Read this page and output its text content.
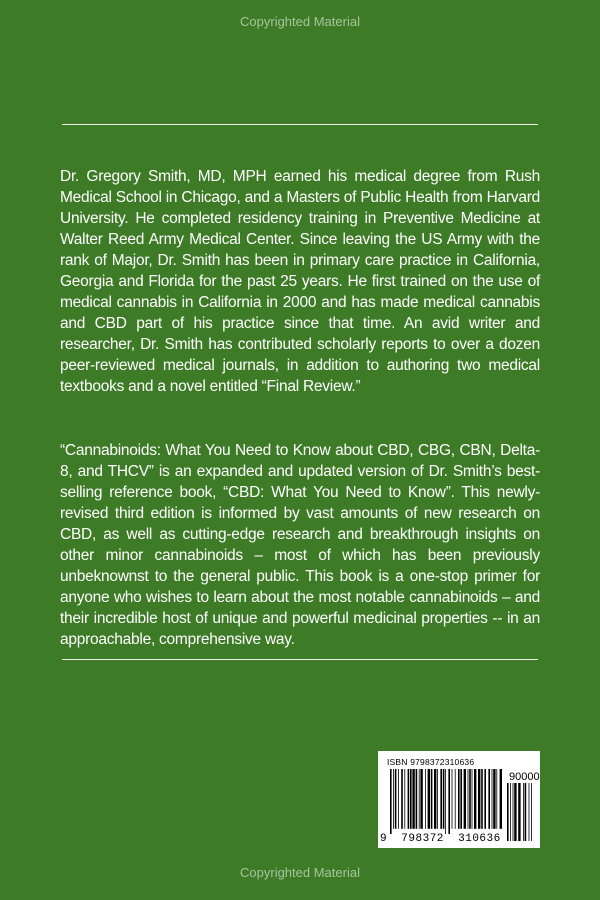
Copyrighted Material
Dr. Gregory Smith, MD, MPH earned his medical degree from Rush Medical School in Chicago, and a Masters of Public Health from Harvard University. He completed residency training in Preventive Medicine at Walter Reed Army Medical Center. Since leaving the US Army with the rank of Major, Dr. Smith has been in primary care practice in California, Georgia and Florida for the past 25 years. He first trained on the use of medical cannabis in California in 2000 and has made medical cannabis and CBD part of his practice since that time. An avid writer and researcher, Dr. Smith has contributed scholarly reports to over a dozen peer-reviewed medical journals, in addition to authoring two medical textbooks and a novel entitled “Final Review.”
“Cannabinoids: What You Need to Know about CBD, CBG, CBN, Delta-8, and THCV” is an expanded and updated version of Dr. Smith’s best-selling reference book, “CBD: What You Need to Know”. This newly-revised third edition is informed by vast amounts of new research on CBD, as well as cutting-edge research and breakthrough insights on other minor cannabinoids – most of which has been previously unbeknownst to the general public. This book is a one-stop primer for anyone who wishes to learn about the most notable cannabinoids – and their incredible host of unique and powerful medicinal properties -- in an approachable, comprehensive way.
ISBN 9798372310636
90000
9  798372  310636
Copyrighted Material
